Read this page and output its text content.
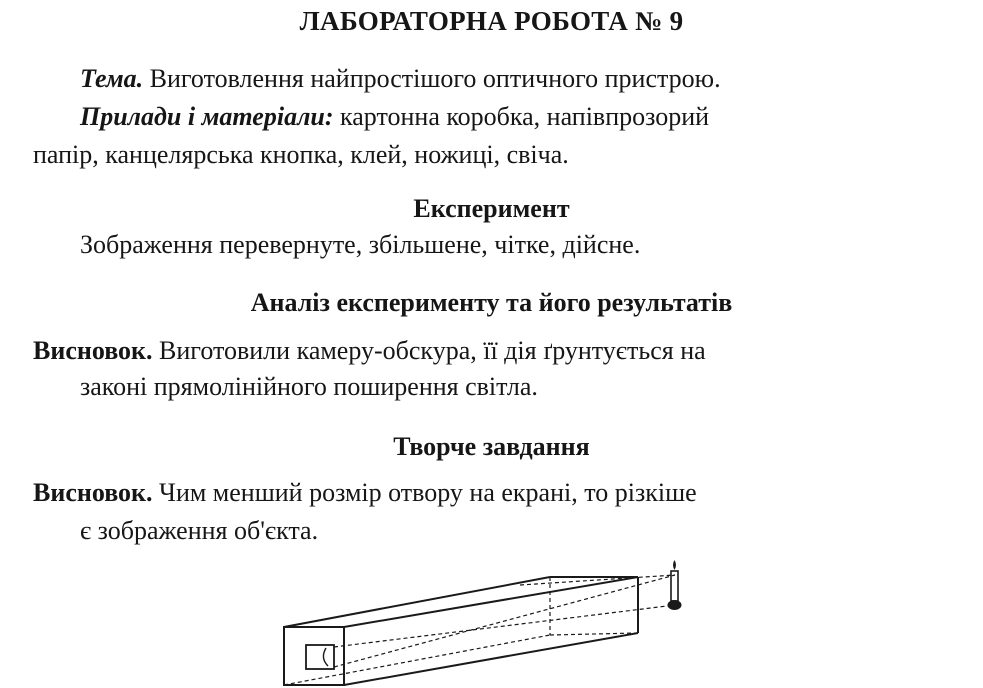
ЛАБОРАТОРНА РОБОТА № 9
Тема. Виготовлення найпростішого оптичного пристрою.
Прилади і матеріали: картонна коробка, напівпрозорий
папір, канцелярська кнопка, клей, ножиці, свіча.
Експеримент
Зображення перевернуте, збільшене, чітке, дійсне.
Аналіз експерименту та його результатів
Висновок. Виготовили камеру-обскура, її дія ґрунтується на
законі прямолінійного поширення світла.
Творче завдання
Висновок. Чим менший розмір отвору на екрані, то різкіше
є зображення об'єкта.
